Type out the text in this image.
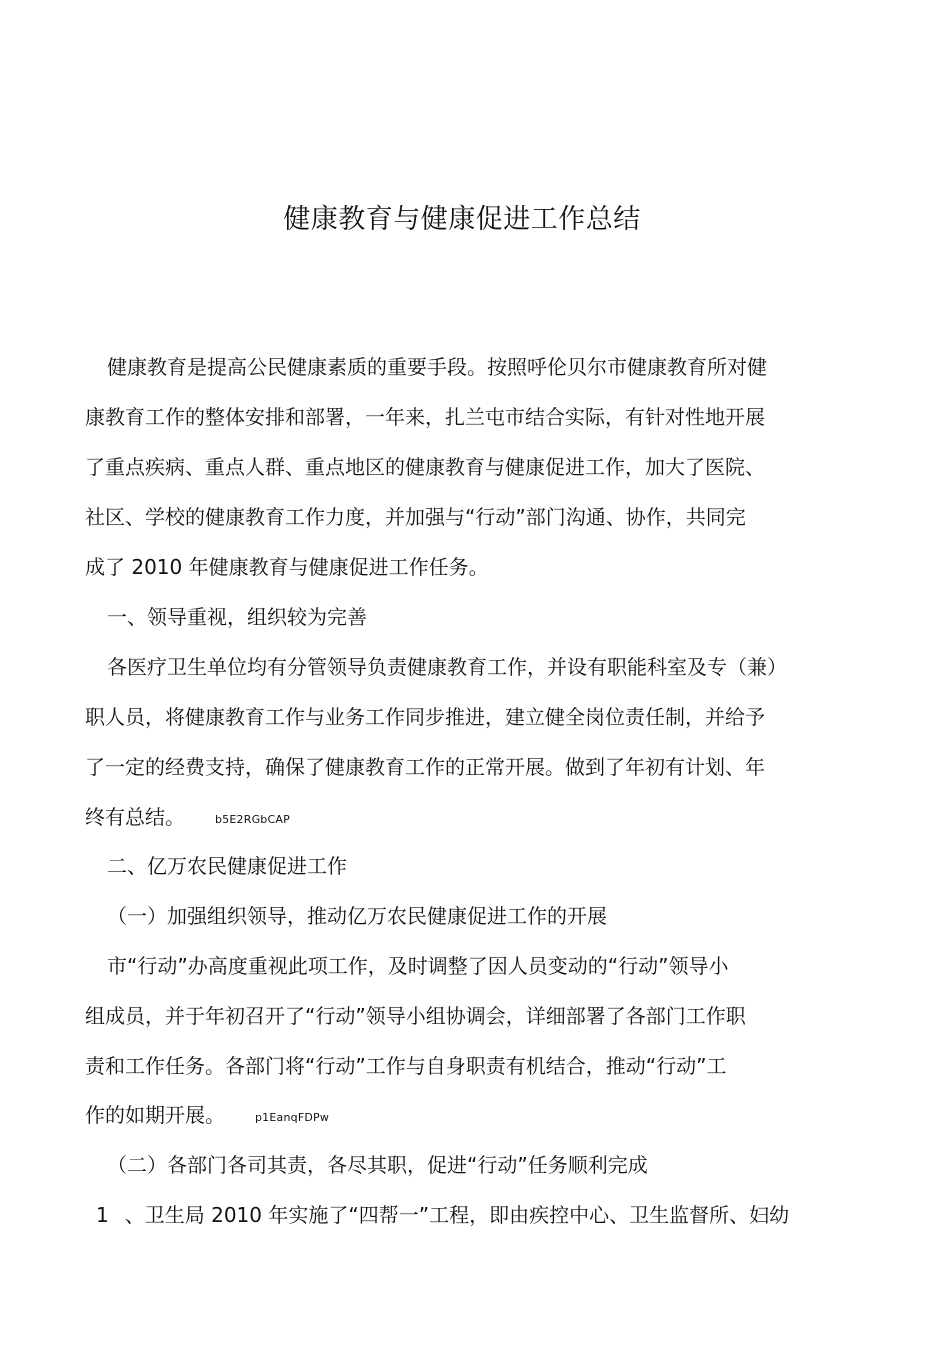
健康教育与健康促进工作总结
健康教育是提高公民健康素质的重要手段。按照呼伦贝尔市健康教育所对健
康教育工作的整体安排和部署，一年来，扎兰屯市结合实际，有针对性地开展
了重点疾病、重点人群、重点地区的健康教育与健康促进工作，加大了医院、
社区、学校的健康教育工作力度，并加强与“行动”部门沟通、协作，共同完
成了 2010 年健康教育与健康促进工作任务。
一、领导重视，组织较为完善
各医疗卫生单位均有分管领导负责健康教育工作，并设有职能科室及专（兼）
职人员，将健康教育工作与业务工作同步推进，建立健全岗位责任制，并给予
了一定的经费支持，确保了健康教育工作的正常开展。做到了年初有计划、年
终有总结。	b5E2RGbCAP
二、亿万农民健康促进工作
（一）加强组织领导，推动亿万农民健康促进工作的开展
市“行动”办高度重视此项工作，及时调整了因人员变动的“行动”领导小
组成员，并于年初召开了“行动”领导小组协调会，详细部署了各部门工作职
责和工作任务。各部门将“行动”工作与自身职责有机结合，推动“行动”工
作的如期开展。	p1EanqFDPw
（二）各部门各司其责，各尽其职，促进“行动”任务顺利完成
1 、卫生局 2010 年实施了“四帮一”工程，即由疾控中心、卫生监督所、妇幼
